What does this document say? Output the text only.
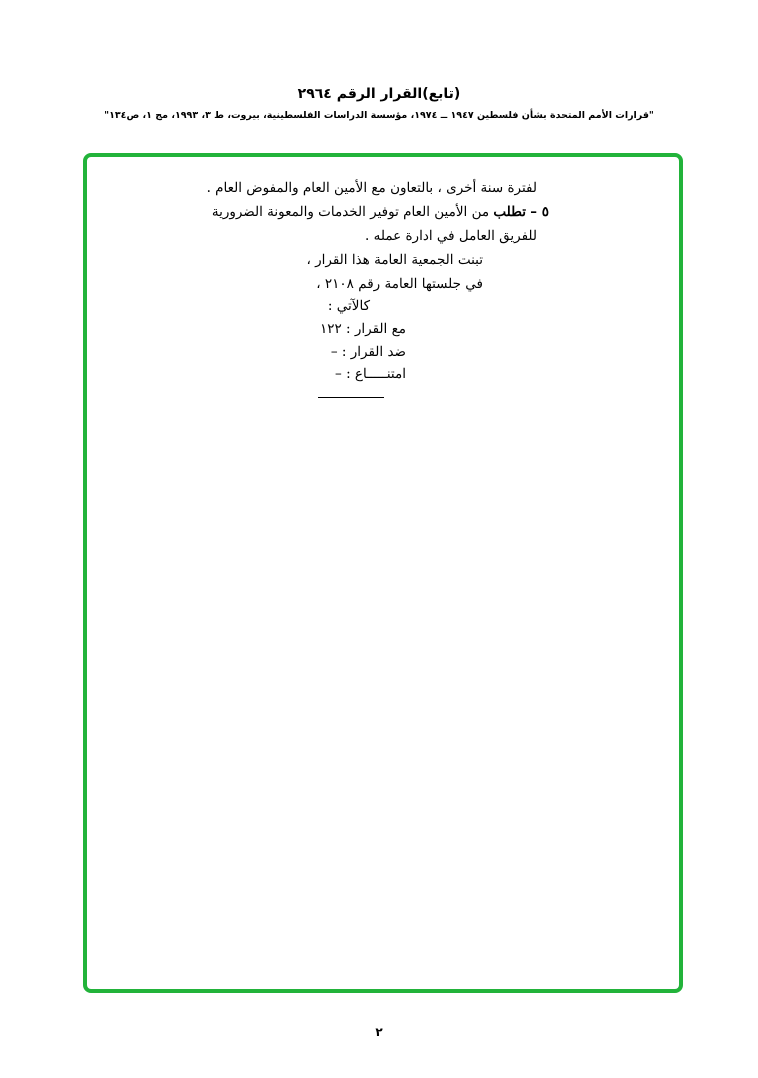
(تابع)القرار الرقم ٢٩٦٤
"قرارات الأمم المتحدة بشأن فلسطين ١٩٤٧ ــ ١٩٧٤، مؤسسة الدراسات الفلسطينية، بيروت، ط ٣، ١٩٩٣، مج ١، ص١٣٤"
لفترة سنة أخرى ، بالتعاون مع الأمين العام والمفوض العام .
٥ – تطلب من الأمين العام توفير الخدمات والمعونة الضرورية
للفريق العامل في ادارة عمله .
تبنت الجمعية العامة هذا القرار ،
في جلستها العامة رقم ٢١٠٨ ،
كالآتي :
مع القرار : ١٢٢
ضد القرار : –
امتنـــــاع : –
٢
